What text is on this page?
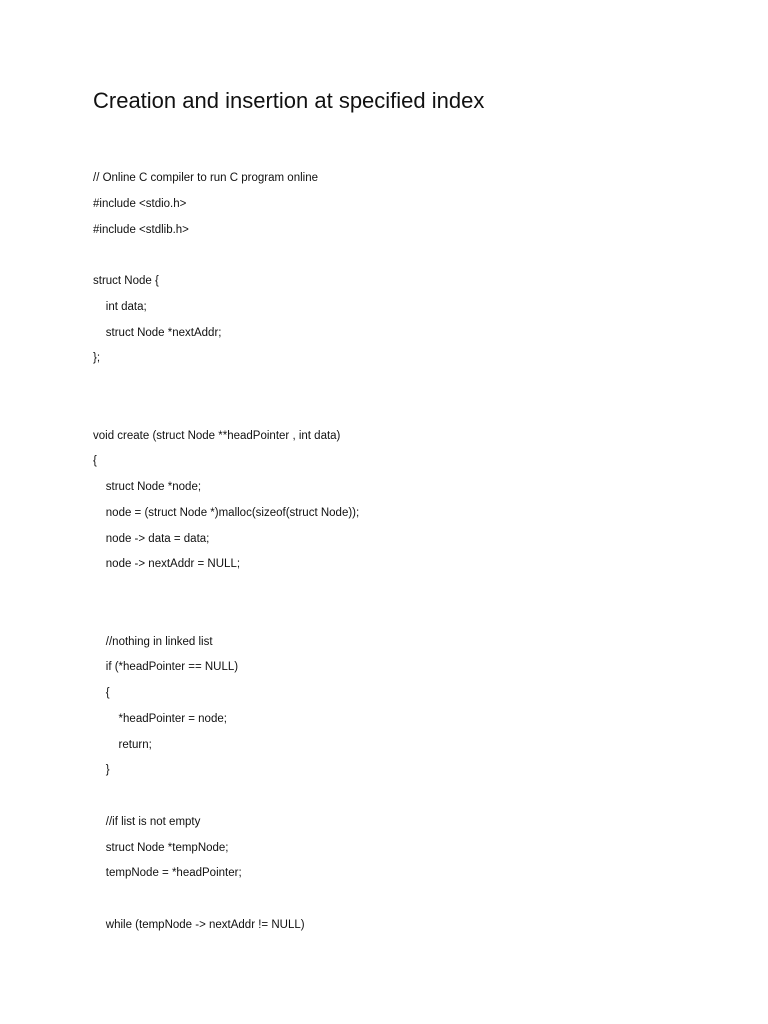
Creation and insertion at specified index
// Online C compiler to run C program online
#include <stdio.h>
#include <stdlib.h>
struct Node {
int data;
struct Node *nextAddr;
};
void create (struct Node **headPointer , int data)
{
struct Node *node;
node = (struct Node *)malloc(sizeof(struct Node));
node -> data = data;
node -> nextAddr = NULL;
//nothing in linked list
if (*headPointer == NULL)
{
*headPointer = node;
return;
}
//if list is not empty
struct Node *tempNode;
tempNode = *headPointer;
while (tempNode -> nextAddr != NULL)
